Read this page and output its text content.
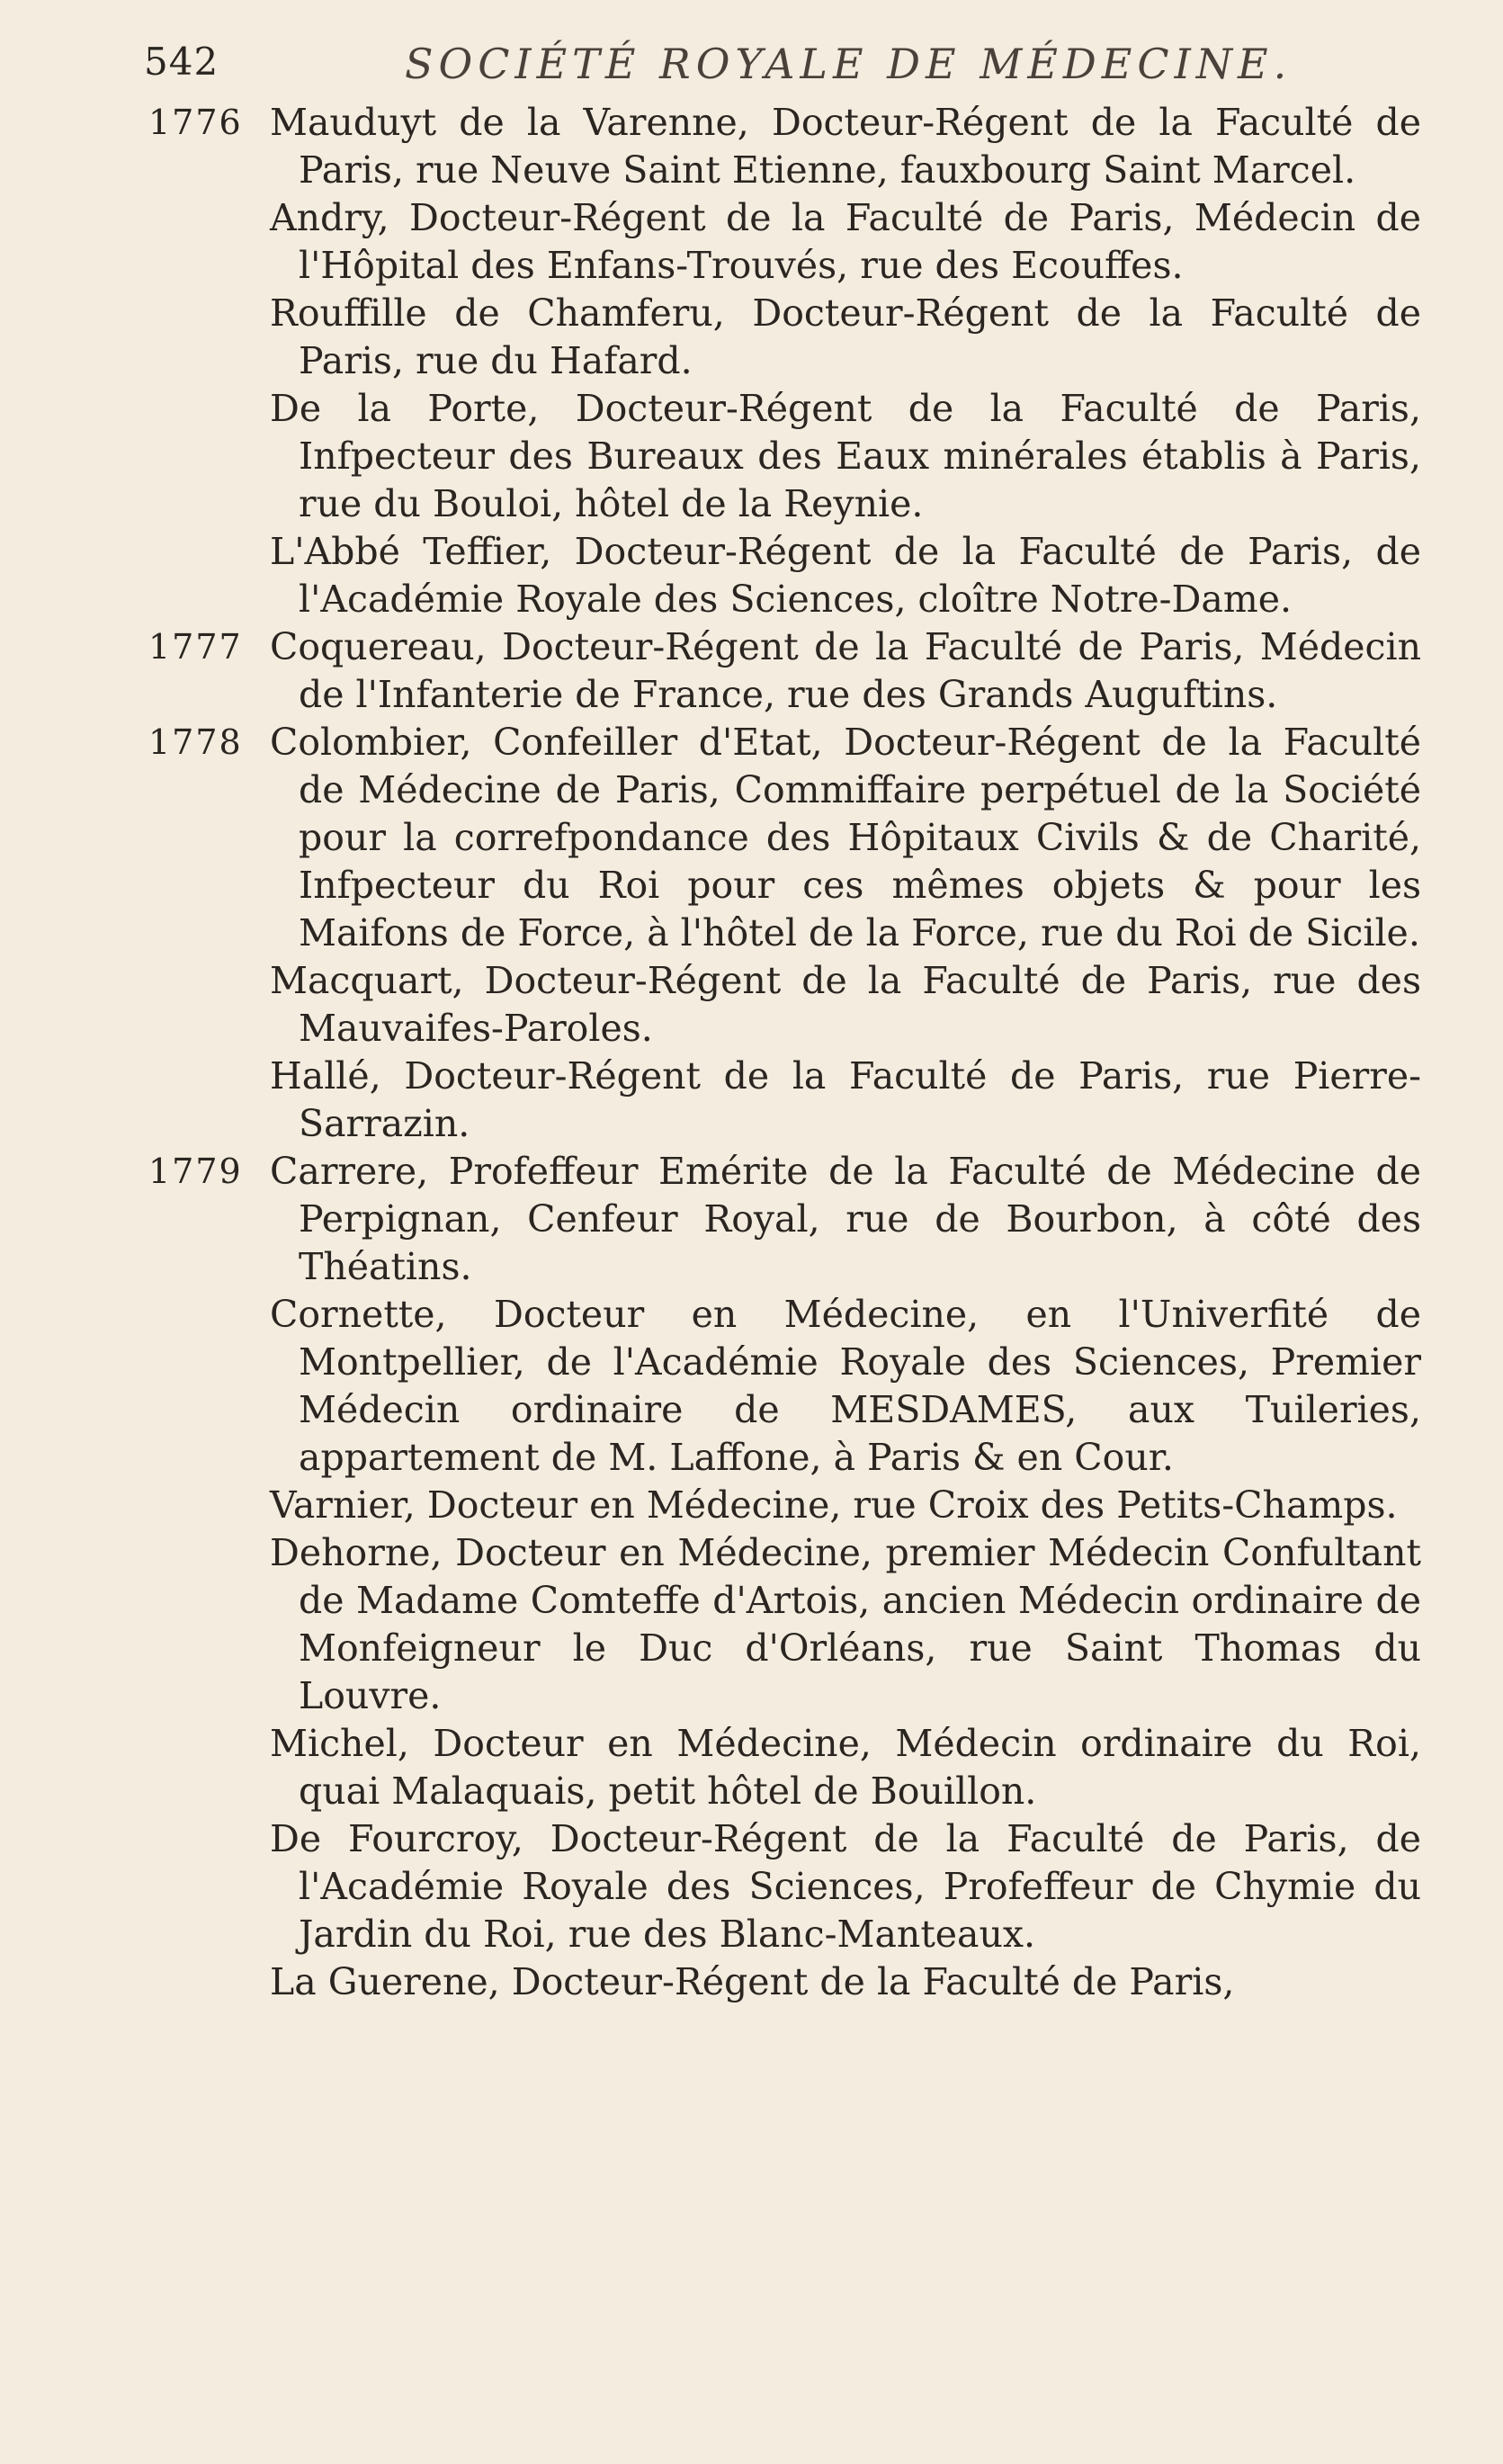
542	SOCIÉTÉ ROYALE DE MÉDECINE.
1776 Mauduyt de la Varenne, Docteur-Régent de la Faculté de Paris, rue Neuve Saint Etienne, fauxbourg Saint Marcel.
Andry, Docteur-Régent de la Faculté de Paris, Médecin de l'Hôpital des Enfans-Trouvés, rue des Ecouffes.
Rouffille de Chamferu, Docteur-Régent de la Faculté de Paris, rue du Hafard.
De la Porte, Docteur-Régent de la Faculté de Paris, Infpecteur des Bureaux des Eaux minérales établis à Paris, rue du Bouloi, hôtel de la Reynie.
L'Abbé Teffier, Docteur-Régent de la Faculté de Paris, de l'Académie Royale des Sciences, cloître Notre-Dame.
1777 Coquereau, Docteur-Régent de la Faculté de Paris, Médecin de l'Infanterie de France, rue des Grands Auguftins.
1778 Colombier, Confeiller d'Etat, Docteur-Régent de la Faculté de Médecine de Paris, Commiffaire perpétuel de la Société pour la correfpondance des Hôpitaux Civils & de Charité, Infpecteur du Roi pour ces mêmes objets & pour les Maifons de Force, à l'hôtel de la Force, rue du Roi de Sicile.
Macquart, Docteur-Régent de la Faculté de Paris, rue des Mauvaifes-Paroles.
Hallé, Docteur-Régent de la Faculté de Paris, rue Pierre-Sarrazin.
1779 Carrere, Profeffeur Emérite de la Faculté de Médecine de Perpignan, Cenfeur Royal, rue de Bourbon, à côté des Théatins.
Cornette, Docteur en Médecine, en l'Univerfité de Montpellier, de l'Académie Royale des Sciences, Premier Médecin ordinaire de MESDAMES, aux Tuileries, appartement de M. Laffone, à Paris & en Cour.
Varnier, Docteur en Médecine, rue Croix des Petits-Champs.
Dehorne, Docteur en Médecine, premier Médecin Confultant de Madame Comteffe d'Artois, ancien Médecin ordinaire de Monfeigneur le Duc d'Orléans, rue Saint Thomas du Louvre.
Michel, Docteur en Médecine, Médecin ordinaire du Roi, quai Malaquais, petit hôtel de Bouillon.
De Fourcroy, Docteur-Régent de la Faculté de Paris, de l'Académie Royale des Sciences, Profeffeur de Chymie du Jardin du Roi, rue des Blanc-Manteaux.
La Guerene, Docteur-Régent de la Faculté de Paris,
